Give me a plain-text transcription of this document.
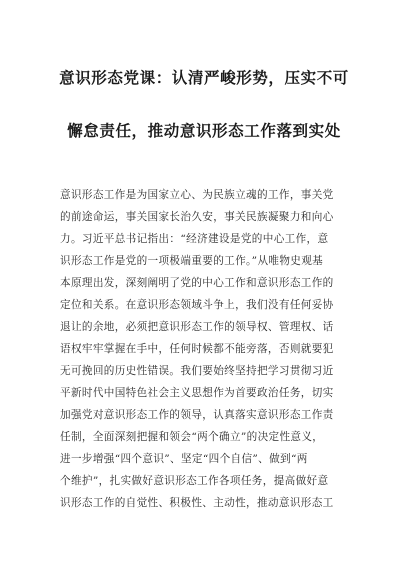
意识形态党课：认清严峻形势，压实不可
懈怠责任，推动意识形态工作落到实处
意识形态工作是为国家立心、为民族立魂的工作，事关党
的前途命运，事关国家长治久安，事关民族凝聚力和向心
力。习近平总书记指出：“经济建设是党的中心工作，意
识形态工作是党的一项极端重要的工作。”从唯物史观基
本原理出发，深刻阐明了党的中心工作和意识形态工作的
定位和关系。在意识形态领域斗争上，我们没有任何妥协
退让的余地，必须把意识形态工作的领导权、管理权、话
语权牢牢掌握在手中，任何时候都不能旁落，否则就要犯
无可挽回的历史性错误。我们要始终坚持把学习贯彻习近
平新时代中国特色社会主义思想作为首要政治任务，切实
加强党对意识形态工作的领导，认真落实意识形态工作责
任制，全面深刻把握和领会“两个确立”的决定性意义，
进一步增强“四个意识”、坚定“四个自信”、做到“两
个维护”，扎实做好意识形态工作各项任务，提高做好意
识形态工作的自觉性、积极性、主动性，推动意识形态工
